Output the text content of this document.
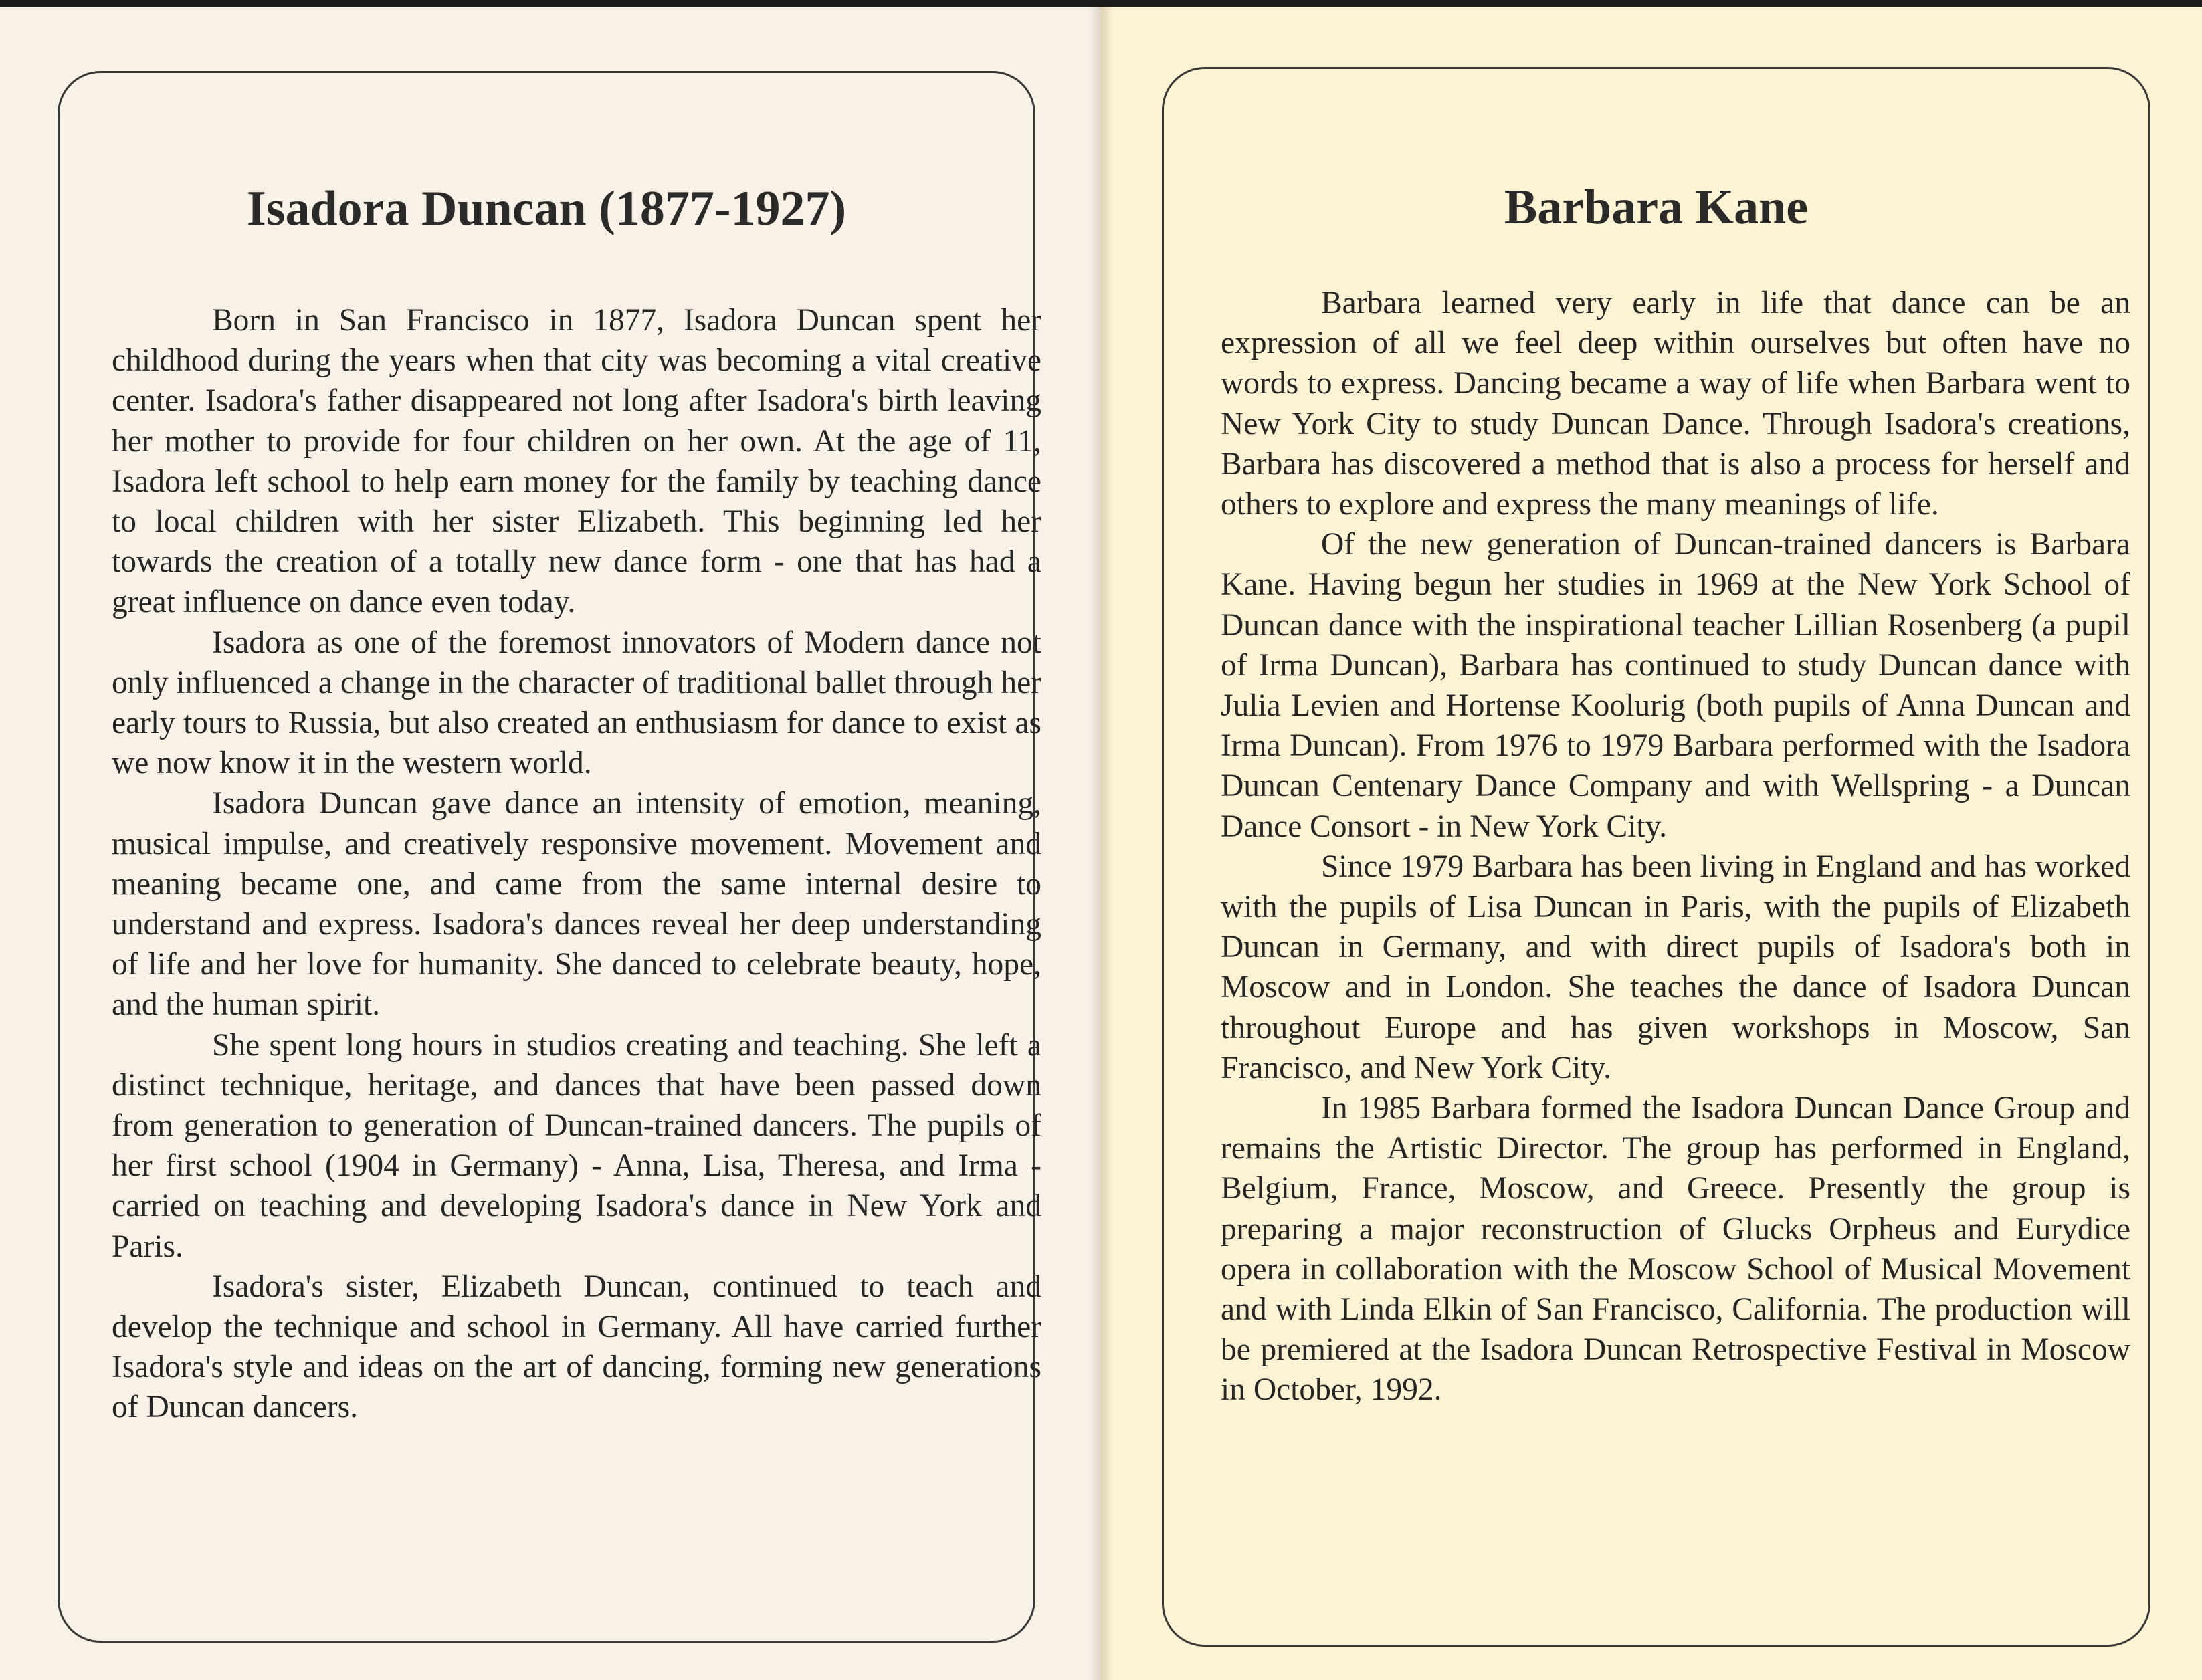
Isadora Duncan (1877-1927)

Born in San Francisco in 1877, Isadora Duncan spent her childhood during the years when that city was becoming a vital creative center. Isadora's father disappeared not long after Isadora's birth leaving her mother to provide for four children on her own. At the age of 11, Isadora left school to help earn money for the family by teaching dance to local children with her sister Elizabeth. This beginning led her towards the creation of a totally new dance form - one that has had a great influence on dance even today.

Isadora as one of the foremost innovators of Modern dance not only influenced a change in the character of traditional ballet through her early tours to Russia, but also created an enthusiasm for dance to exist as we now know it in the western world.

Isadora Duncan gave dance an intensity of emotion, meaning, musical impulse, and creatively responsive movement. Movement and meaning became one, and came from the same internal desire to understand and express. Isadora's dances reveal her deep understanding of life and her love for humanity. She danced to celebrate beauty, hope, and the human spirit.

She spent long hours in studios creating and teaching. She left a distinct technique, heritage, and dances that have been passed down from generation to generation of Duncan-trained dancers. The pupils of her first school (1904 in Germany) - Anna, Lisa, Theresa, and Irma - carried on teaching and developing Isadora's dance in New York and Paris.

Isadora's sister, Elizabeth Duncan, continued to teach and develop the technique and school in Germany. All have carried further Isadora's style and ideas on the art of dancing, forming new generations of Duncan dancers.

Barbara Kane

Barbara learned very early in life that dance can be an expression of all we feel deep within ourselves but often have no words to express. Dancing became a way of life when Barbara went to New York City to study Duncan Dance. Through Isadora's creations, Barbara has discovered a method that is also a process for herself and others to explore and express the many meanings of life.

Of the new generation of Duncan-trained dancers is Barbara Kane. Having begun her studies in 1969 at the New York School of Duncan dance with the inspirational teacher Lillian Rosenberg (a pupil of Irma Duncan), Barbara has continued to study Duncan dance with Julia Levien and Hortense Koolurig (both pupils of Anna Duncan and Irma Duncan). From 1976 to 1979 Barbara performed with the Isadora Duncan Centenary Dance Company and with Wellspring - a Duncan Dance Consort - in New York City.

Since 1979 Barbara has been living in England and has worked with the pupils of Lisa Duncan in Paris, with the pupils of Elizabeth Duncan in Germany, and with direct pupils of Isadora's both in Moscow and in London. She teaches the dance of Isadora Duncan throughout Europe and has given workshops in Moscow, San Francisco, and New York City.

In 1985 Barbara formed the Isadora Duncan Dance Group and remains the Artistic Director. The group has performed in England, Belgium, France, Moscow, and Greece. Presently the group is preparing a major reconstruction of Glucks Orpheus and Eurydice opera in collaboration with the Moscow School of Musical Movement and with Linda Elkin of San Francisco, California. The production will be premiered at the Isadora Duncan Retrospective Festival in Moscow in October, 1992.
